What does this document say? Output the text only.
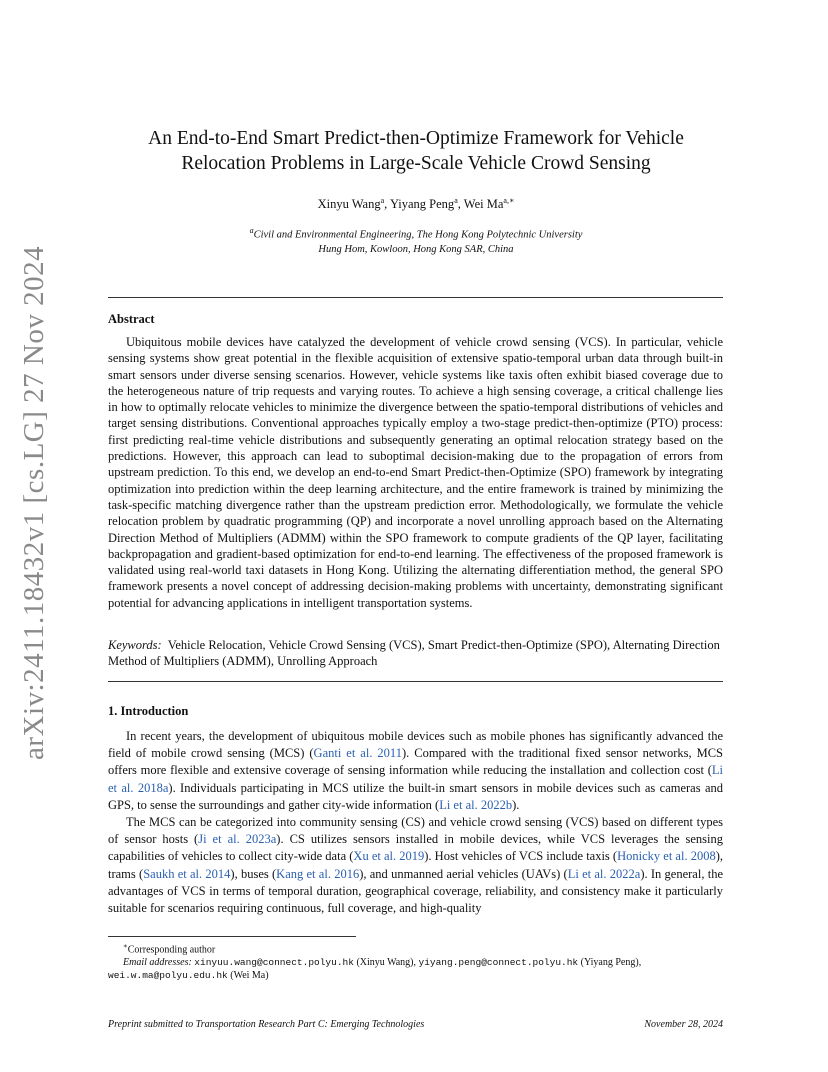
arXiv:2411.18432v1 [cs.LG] 27 Nov 2024
An End-to-End Smart Predict-then-Optimize Framework for Vehicle
Relocation Problems in Large-Scale Vehicle Crowd Sensing
Xinyu Wang$^a$, Yiyang Peng$^a$, Wei $Ma^{a,∗}$
$^a$Civil and Environmental Engineering, The Hong Kong Polytechnic University
Hung Hom, Kowloon, Hong Kong SAR, China
Abstract

Ubiquitous mobile devices have catalyzed the development of vehicle crowd sensing (VCS). In particular, vehicle sensing systems show great potential in the flexible acquisition of extensive spatio-temporal urban data through built-in smart sensors under diverse sensing scenarios. However, vehicle systems like taxis often exhibit biased coverage due to the heterogeneous nature of trip requests and varying routes. To achieve a high sensing coverage, a critical challenge lies in how to optimally relocate vehicles to minimize the divergence between the spatio-temporal distributions of vehicles and target sensing distributions. Conventional approaches typically employ a two-stage predict-then-optimize (PTO) process: first predicting real-time vehicle distributions and subsequently generating an optimal relocation strategy based on the predictions. However, this approach can lead to suboptimal decision-making due to the propagation of errors from upstream prediction. To this end, we develop an end-to-end Smart Predict-then-Optimize (SPO) framework by integrating optimization into prediction within the deep learning architecture, and the entire framework is trained by minimizing the task-specific matching divergence rather than the upstream prediction error. Methodologically, we formulate the vehicle relocation problem by quadratic programming (QP) and incorporate a novel unrolling approach based on the Alternating Direction Method of Multipliers (ADMM) within the SPO framework to compute gradients of the QP layer, facilitating backpropagation and gradient-based optimization for end-to-end learning. The effectiveness of the proposed framework is validated using real-world taxi datasets in Hong Kong. Utilizing the alternating differentiation method, the general SPO framework presents a novel concept of addressing decision-making problems with uncertainty, demonstrating significant potential for advancing applications in intelligent transportation systems.

Keywords: Vehicle Relocation, Vehicle Crowd Sensing (VCS), Smart Predict-then-Optimize (SPO), Alternating Direction Method of Multipliers (ADMM), Unrolling Approach

1. Introduction

In recent years, the development of ubiquitous mobile devices such as mobile phones has significantly advanced the field of mobile crowd sensing (MCS) (Ganti et al. 2011). Compared with the traditional fixed sensor networks, MCS offers more flexible and extensive coverage of sensing information while reducing the installation and collection cost (Li et al. 2018a). Individuals participating in MCS utilize the built-in smart sensors in mobile devices such as cameras and GPS, to sense the surroundings and gather city-wide information (Li et al. 2022b).

The MCS can be categorized into community sensing (CS) and vehicle crowd sensing (VCS) based on different types of sensor hosts (Ji et al. 2023a). CS utilizes sensors installed in mobile devices, while VCS leverages the sensing capabilities of vehicles to collect city-wide data (Xu et al. 2019). Host vehicles of VCS include taxis (Honicky et al. 2008), trams (Saukh et al. 2014), buses (Kang et al. 2016), and unmanned aerial vehicles (UAVs) (Li et al. 2022a). In general, the advantages of VCS in terms of temporal duration, geographical coverage, reliability, and consistency make it particularly suitable for scenarios requiring continuous, full coverage, and high-quality

∗Corresponding author

Email addresses: xinyuu.wang@connect.polyu.hk (Xinyu Wang), yiyang.peng@connect.polyu.hk (Yiyang Peng),

wei.w.ma@polyu.edu.hk (Wei Ma)

Preprint submitted to Transportation Research Part C: Emerging Technologies	November 28, 2024
